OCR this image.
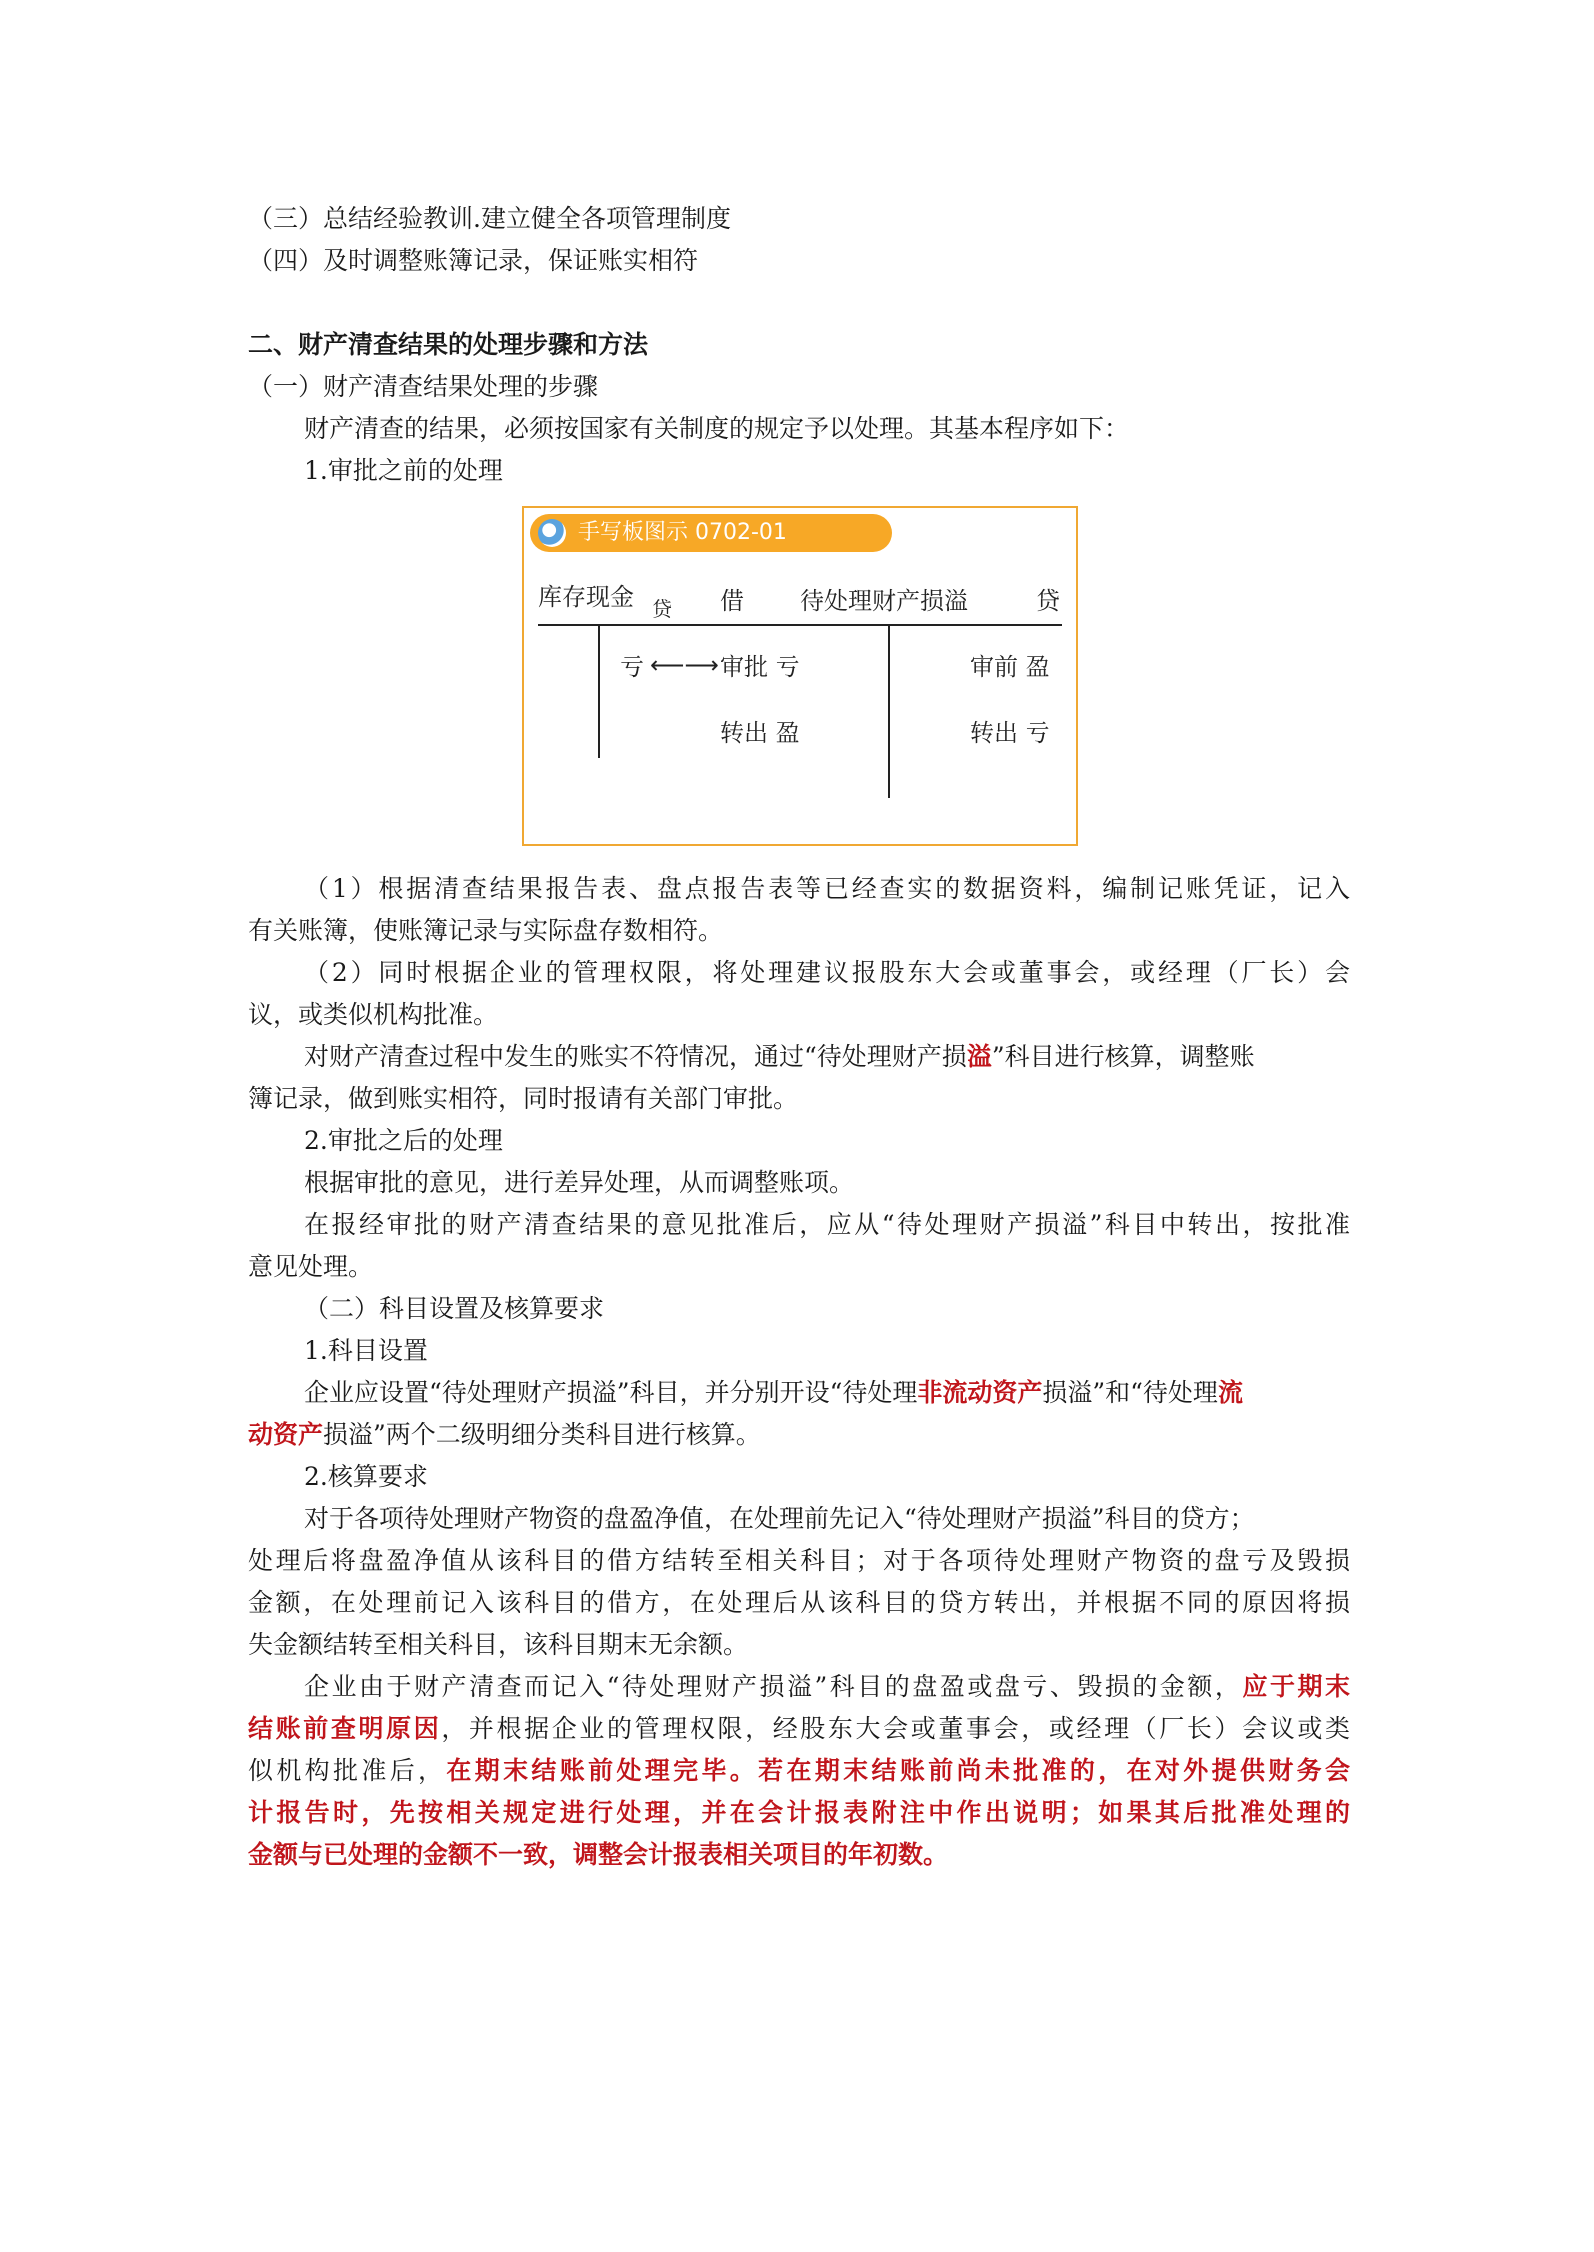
（三）总结经验教训.建立健全各项管理制度
（四）及时调整账簿记录，保证账实相符
二、财产清查结果的处理步骤和方法
（一）财产清查结果处理的步骤
财产清查的结果，必须按国家有关制度的规定予以处理。其基本程序如下：
1.审批之前的处理
手写板图示 0702-01
库存现金 贷 借 待处理财产损溢	贷
亏 ⟵⟶ 审批 亏	审前 盈
转出 盈	转出 亏
（1）根据清查结果报告表、盘点报告表等已经查实的数据资料，编制记账凭证，记入
有关账簿，使账簿记录与实际盘存数相符。
（2）同时根据企业的管理权限，将处理建议报股东大会或董事会，或经理（厂长）会
议，或类似机构批准。
对财产清查过程中发生的账实不符情况，通过“待处理财产损溢”科目进行核算，调整账
簿记录，做到账实相符，同时报请有关部门审批。
2.审批之后的处理
根据审批的意见，进行差异处理，从而调整账项。
在报经审批的财产清查结果的意见批准后，应从“待处理财产损溢”科目中转出，按批准
意见处理。
（二）科目设置及核算要求
1.科目设置
企业应设置“待处理财产损溢”科目，并分别开设“待处理非流动资产损溢”和“待处理流
动资产损溢”两个二级明细分类科目进行核算。
2.核算要求
对于各项待处理财产物资的盘盈净值，在处理前先记入“待处理财产损溢”科目的贷方；
处理后将盘盈净值从该科目的借方结转至相关科目；对于各项待处理财产物资的盘亏及毁损
金额，在处理前记入该科目的借方，在处理后从该科目的贷方转出，并根据不同的原因将损
失金额结转至相关科目，该科目期末无余额。
企业由于财产清查而记入“待处理财产损溢”科目的盘盈或盘亏、毁损的金额，应于期末
结账前查明原因，并根据企业的管理权限，经股东大会或董事会，或经理（厂长）会议或类
似机构批准后，在期末结账前处理完毕。若在期末结账前尚未批准的，在对外提供财务会
计报告时，先按相关规定进行处理，并在会计报表附注中作出说明；如果其后批准处理的
金额与已处理的金额不一致，调整会计报表相关项目的年初数。
